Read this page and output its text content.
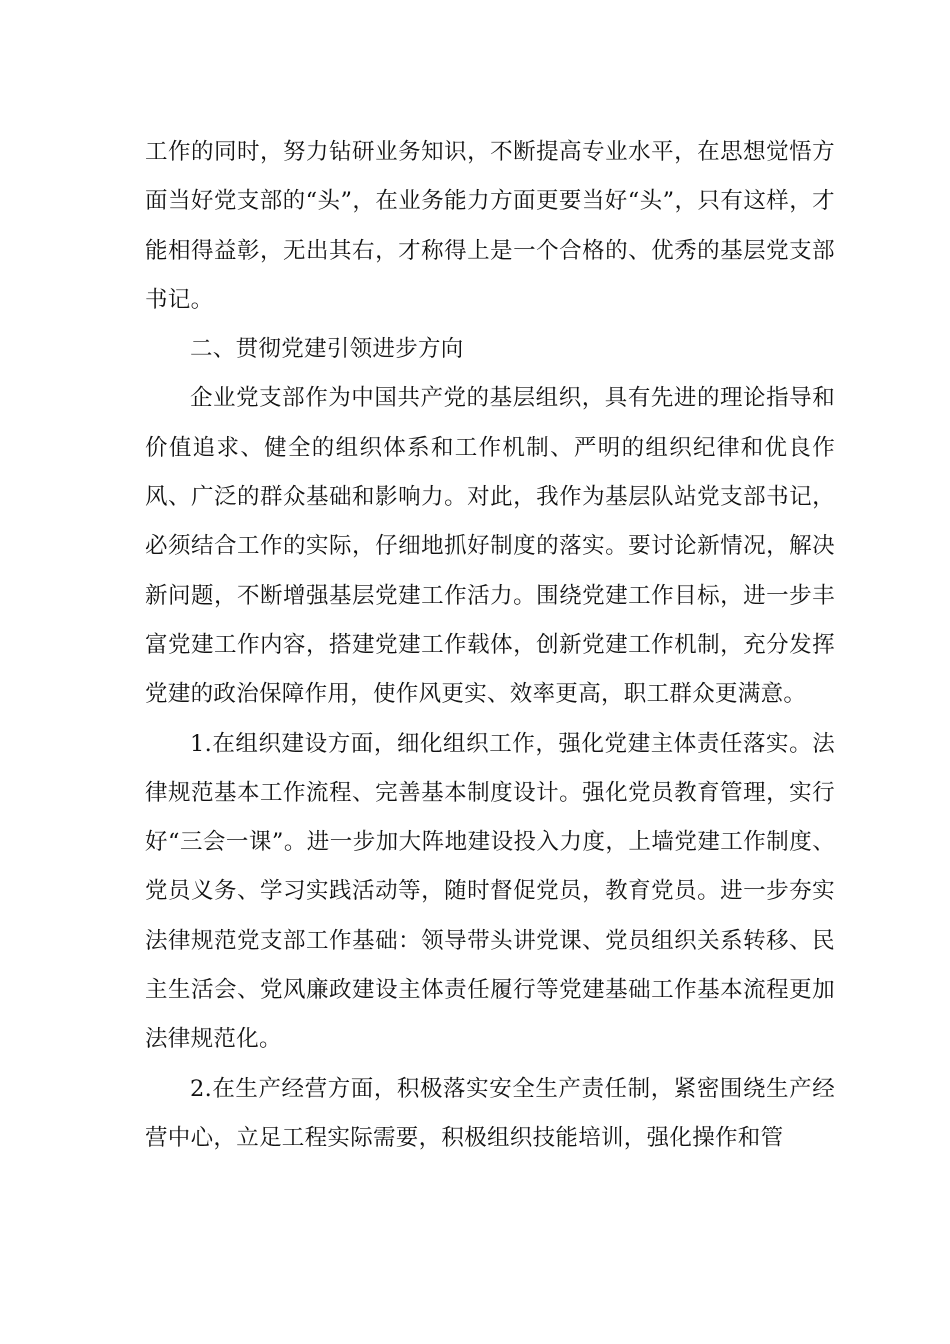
工作的同时，努力钻研业务知识，不断提高专业水平，在思想觉悟方面当好党支部的“头”，在业务能力方面更要当好“头”，只有这样，才能相得益彰，无出其右，才称得上是一个合格的、优秀的基层党支部书记。

二、贯彻党建引领进步方向

企业党支部作为中国共产党的基层组织，具有先进的理论指导和价值追求、健全的组织体系和工作机制、严明的组织纪律和优良作风、广泛的群众基础和影响力。对此，我作为基层队站党支部书记，必须结合工作的实际，仔细地抓好制度的落实。要讨论新情况，解决新问题，不断增强基层党建工作活力。围绕党建工作目标，进一步丰富党建工作内容，搭建党建工作载体，创新党建工作机制，充分发挥党建的政治保障作用，使作风更实、效率更高，职工群众更满意。

1.在组织建设方面，细化组织工作，强化党建主体责任落实。法律规范基本工作流程、完善基本制度设计。强化党员教育管理，实行好“三会一课”。进一步加大阵地建设投入力度，上墙党建工作制度、党员义务、学习实践活动等，随时督促党员，教育党员。进一步夯实法律规范党支部工作基础：领导带头讲党课、党员组织关系转移、民主生活会、党风廉政建设主体责任履行等党建基础工作基本流程更加法律规范化。

2.在生产经营方面，积极落实安全生产责任制，紧密围绕生产经营中心，立足工程实际需要，积极组织技能培训，强化操作和管
